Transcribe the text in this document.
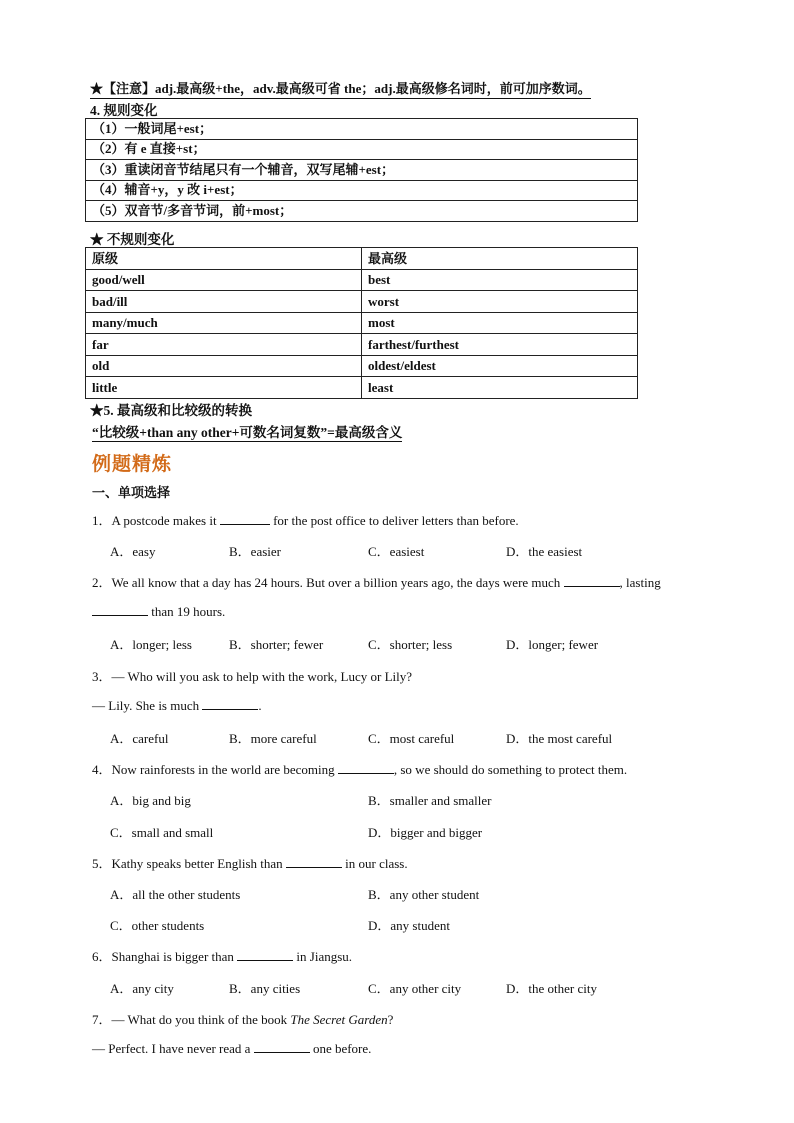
★【注意】adj.最高级+the，adv.最高级可省 the；adj.最高级修名词时，前可加序数词。
4. 规则变化
（1）一般词尾+est；
（2）有 e 直接+st；
（3）重读闭音节结尾只有一个辅音，双写尾辅+est；
（4）辅音+y，y 改 i+est；
（5）双音节/多音节词，前+most；
★ 不规则变化
原级	最高级
good/well	best
bad/ill	worst
many/much	most
far	farthest/furthest
old	oldest/eldest
little	least
★5. 最高级和比较级的转换
“比较级+than any other+可数名词复数”=最高级含义
例题精炼
一、单项选择
1．A postcode makes it	for the post office to deliver letters than before.
A．easy	B．easier	C．easiest	D．the easiest
2．We all know that a day has 24 hours. But over a billion years ago, the days were much	, lasting
than 19 hours.
A．longer; less	B．shorter; fewer	C．shorter; less	D．longer; fewer
3．— Who will you ask to help with the work, Lucy or Lily?
— Lily. She is much	.
A．careful	B．more careful	C．most careful	D．the most careful
4．Now rainforests in the world are becoming	, so we should do something to protect them.
A．big and big	B．smaller and smaller
C．small and small	D．bigger and bigger
5．Kathy speaks better English than	in our class.
A．all the other students	B．any other student
C．other students	D．any student
6．Shanghai is bigger than	in Jiangsu.
A．any city	B．any cities	C．any other city	D．the other city
7．— What do you think of the book The Secret Garden?
— Perfect. I have never read a	one before.
